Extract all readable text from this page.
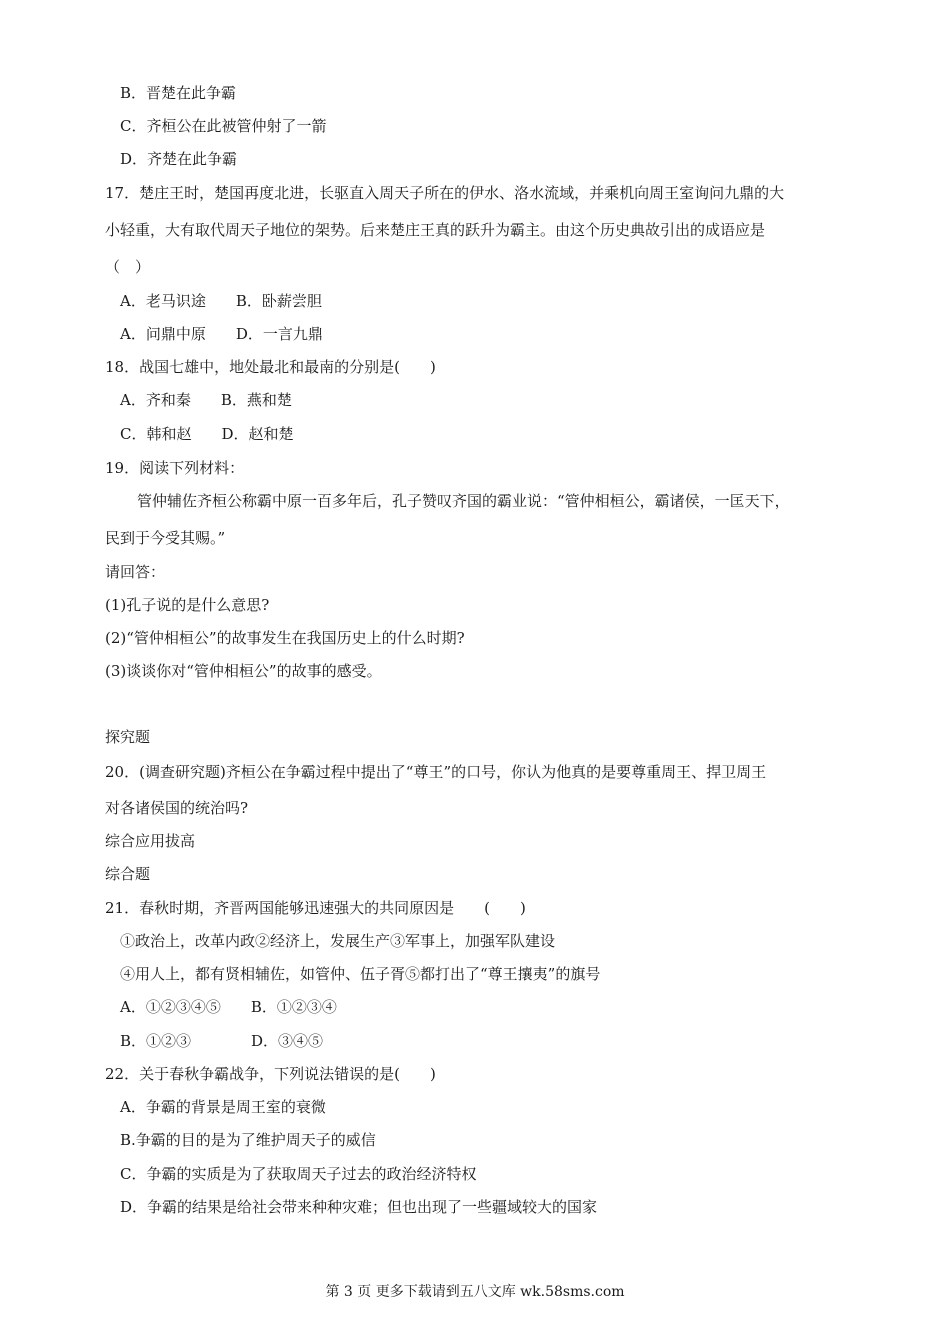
B．晋楚在此争霸
C．齐桓公在此被管仲射了一箭
D．齐楚在此争霸
17．楚庄王时，楚国再度北进，长驱直入周天子所在的伊水、洛水流域，并乘机向周王室询问九鼎的大
小轻重，大有取代周天子地位的架势。后来楚庄王真的跃升为霸主。由这个历史典故引出的成语应是
（　）
A．老马识途　　B．卧薪尝胆
A．问鼎中原　　D．一言九鼎
18．战国七雄中，地处最北和最南的分别是(　　)
A．齐和秦　　B．燕和楚
C．韩和赵　　D．赵和楚
19．阅读下列材料：
管仲辅佐齐桓公称霸中原一百多年后，孔子赞叹齐国的霸业说：“管仲相桓公，霸诸侯，一匡天下，
民到于今受其赐。”
请回答：
(1)孔子说的是什么意思?
(2)“管仲相桓公”的故事发生在我国历史上的什么时期?
(3)谈谈你对“管仲相桓公”的故事的感受。
探究题
20．(调查研究题)齐桓公在争霸过程中提出了“尊王”的口号，你认为他真的是要尊重周王、捍卫周王
对各诸侯国的统治吗?
综合应用拔高
综合题
21．春秋时期，齐晋两国能够迅速强大的共同原因是　　(　　)
①政治上，改革内政②经济上，发展生产③军事上，加强军队建设
④用人上，都有贤相辅佐，如管仲、伍子胥⑤都打出了“尊王攘夷”的旗号
A．①②③④⑤　　B．①②③④
B．①②③　　　　D．③④⑤
22．关于春秋争霸战争，下列说法错误的是(　　)
A．争霸的背景是周王室的衰微
B.争霸的目的是为了维护周天子的威信
C．争霸的实质是为了获取周天子过去的政治经济特权
D．争霸的结果是给社会带来种种灾难；但也出现了一些疆域较大的国家
第 3 页 更多下载请到五八文库 wk.58sms.com
